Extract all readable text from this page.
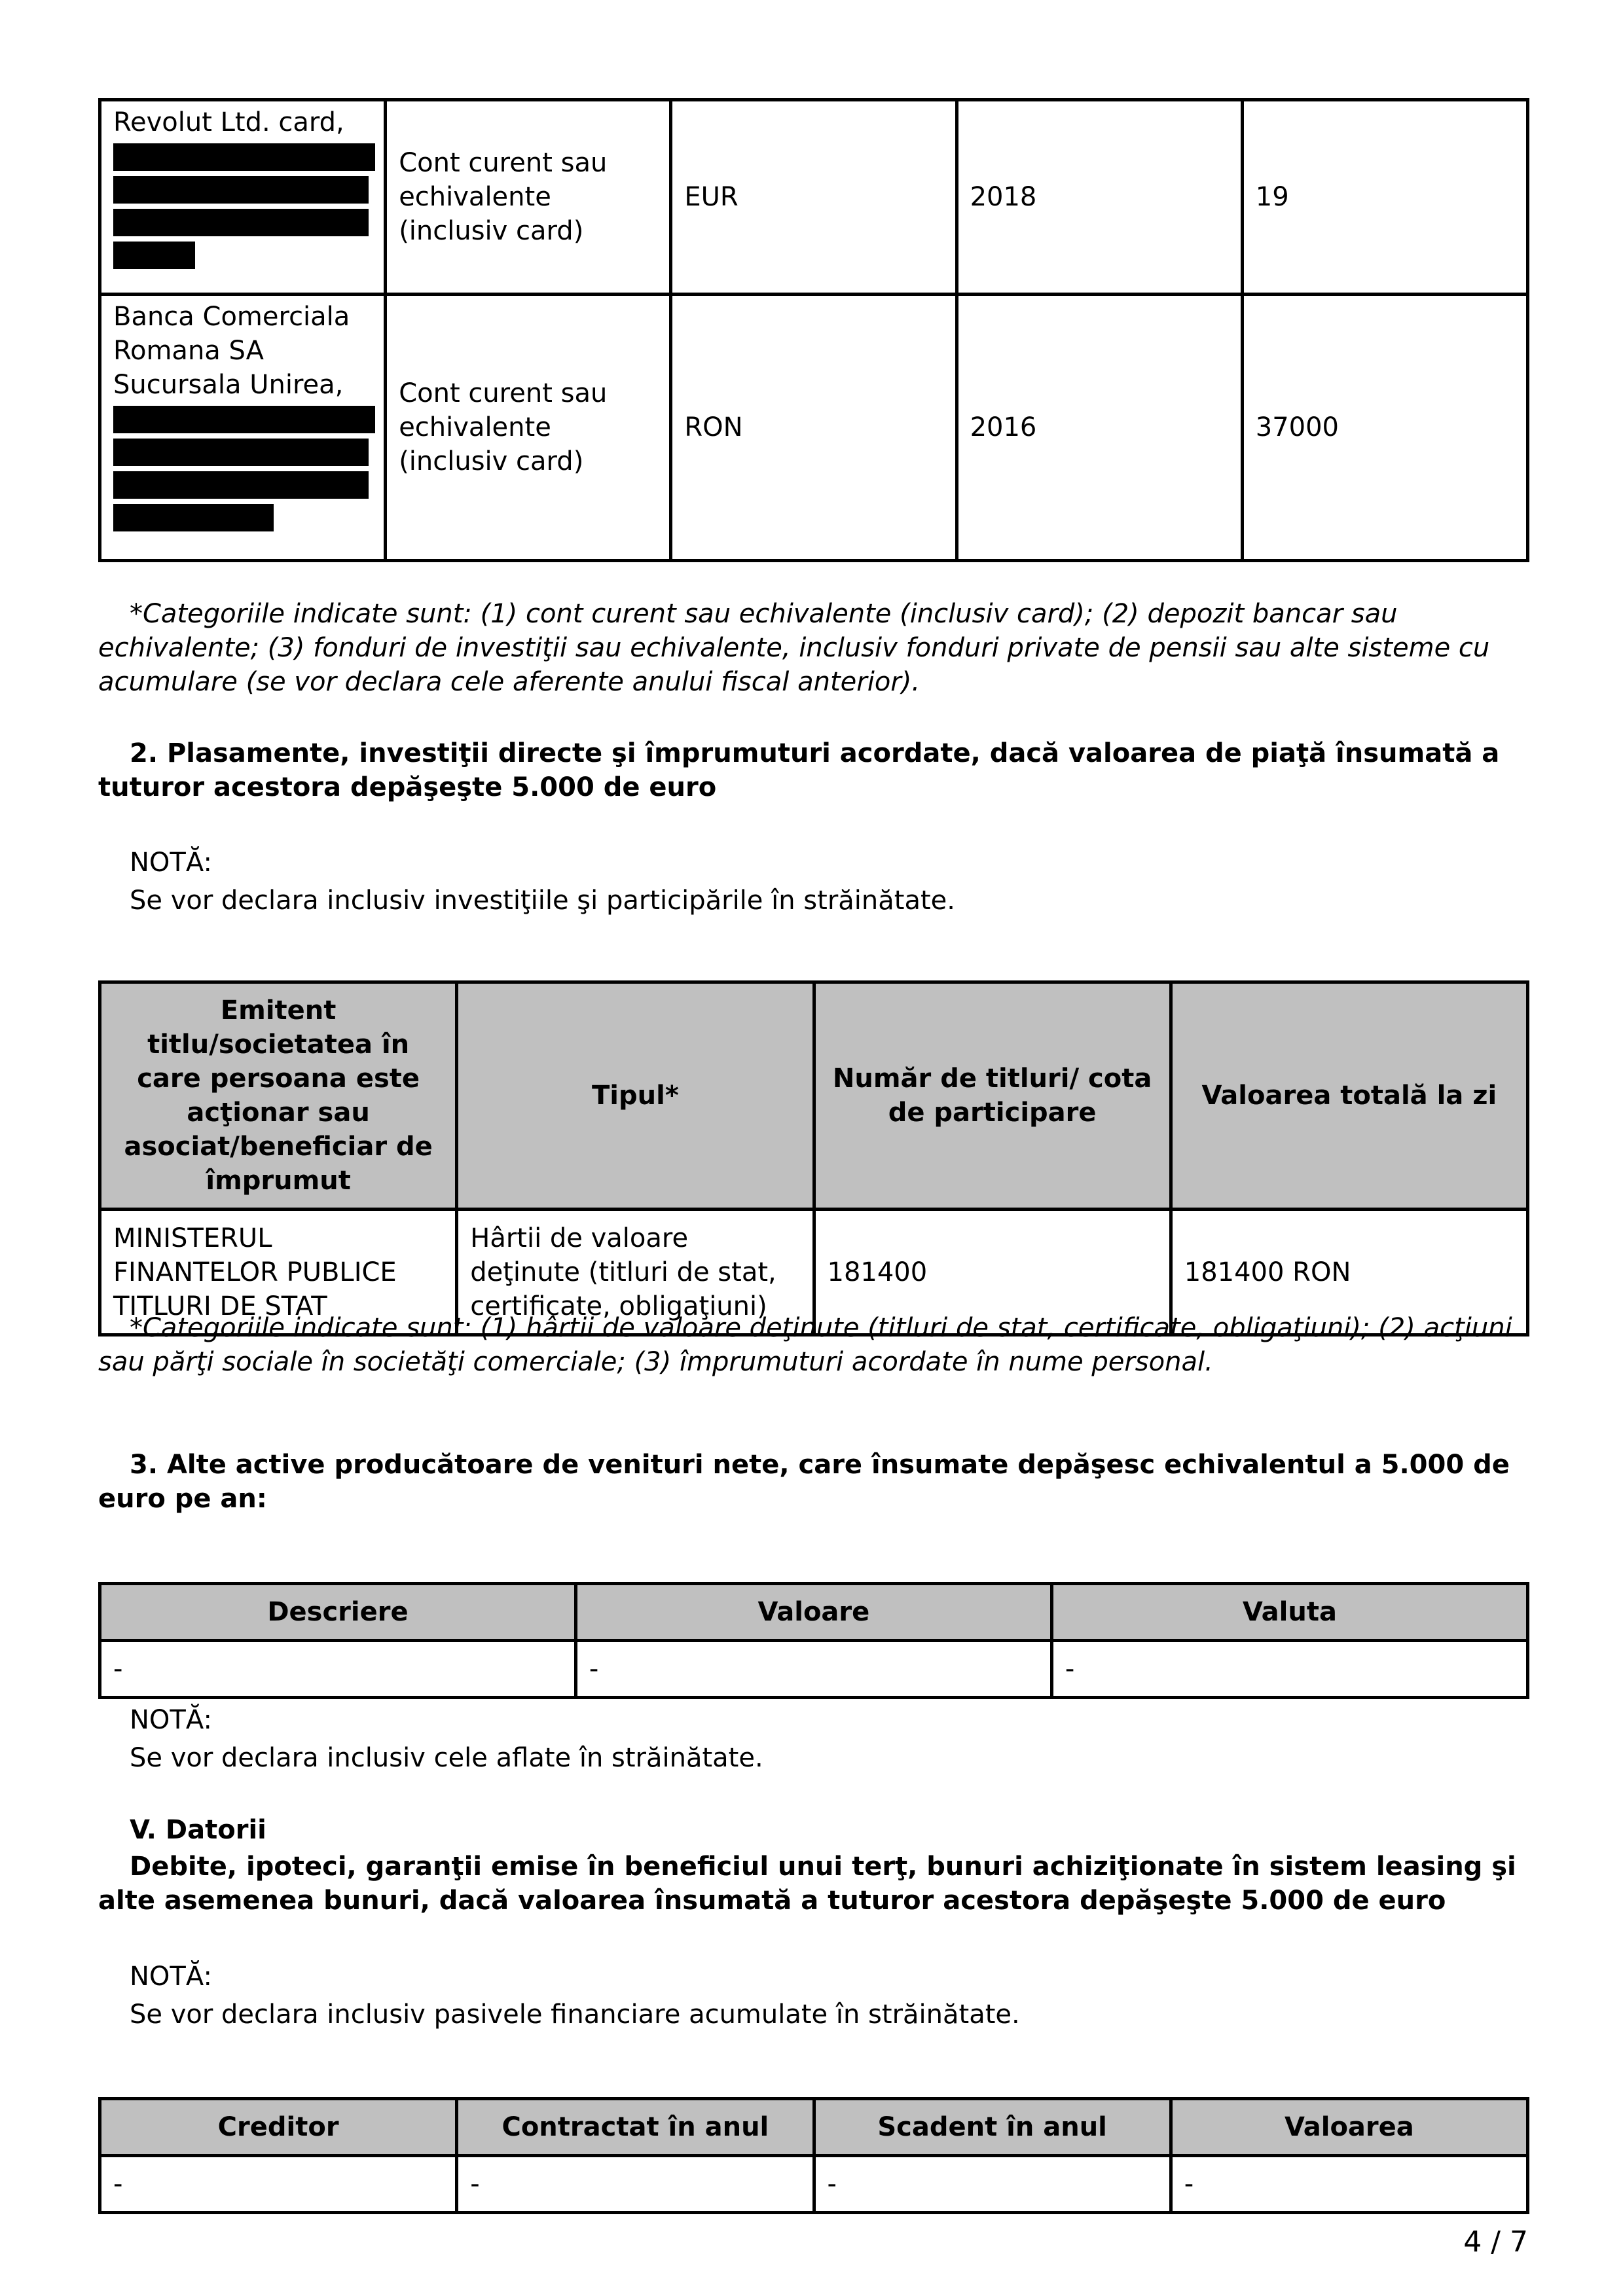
Revolut Ltd. card,	Cont curent sau echivalente (inclusiv card)	EUR	2018	19
Banca Comerciala Romana SA Sucursala Unirea,	Cont curent sau echivalente (inclusiv card)	RON	2016	37000
*Categoriile indicate sunt: (1) cont curent sau echivalente (inclusiv card); (2) depozit bancar sau echivalente; (3) fonduri de investiţii sau echivalente, inclusiv fonduri private de pensii sau alte sisteme cu acumulare (se vor declara cele aferente anului fiscal anterior).
2. Plasamente, investiţii directe şi împrumuturi acordate, dacă valoarea de piaţă însumată a tuturor acestora depăşeşte 5.000 de euro
NOTĂ:
Se vor declara inclusiv investiţiile şi participările în străinătate.
Emitent titlu/societatea în care persoana este acţionar sau asociat/beneficiar de împrumut	Tipul*	Număr de titluri/ cota de participare	Valoarea totală la zi
MINISTERUL FINANTELOR PUBLICE TITLURI DE STAT	Hârtii de valoare deţinute (titluri de stat, certificate, obligaţiuni)	181400	181400 RON
*Categoriile indicate sunt: (1) hârtii de valoare deţinute (titluri de stat, certificate, obligaţiuni); (2) acţiuni sau părţi sociale în societăţi comerciale; (3) împrumuturi acordate în nume personal.
3. Alte active producătoare de venituri nete, care însumate depăşesc echivalentul a 5.000 de euro pe an:
Descriere	Valoare	Valuta
-	-	-
NOTĂ:
Se vor declara inclusiv cele aflate în străinătate.
V. Datorii
Debite, ipoteci, garanţii emise în beneficiul unui terţ, bunuri achiziţionate în sistem leasing şi alte asemenea bunuri, dacă valoarea însumată a tuturor acestora depăşeşte 5.000 de euro
NOTĂ:
Se vor declara inclusiv pasivele financiare acumulate în străinătate.
Creditor	Contractat în anul	Scadent în anul	Valoarea
-	-	-	-
4 / 7
